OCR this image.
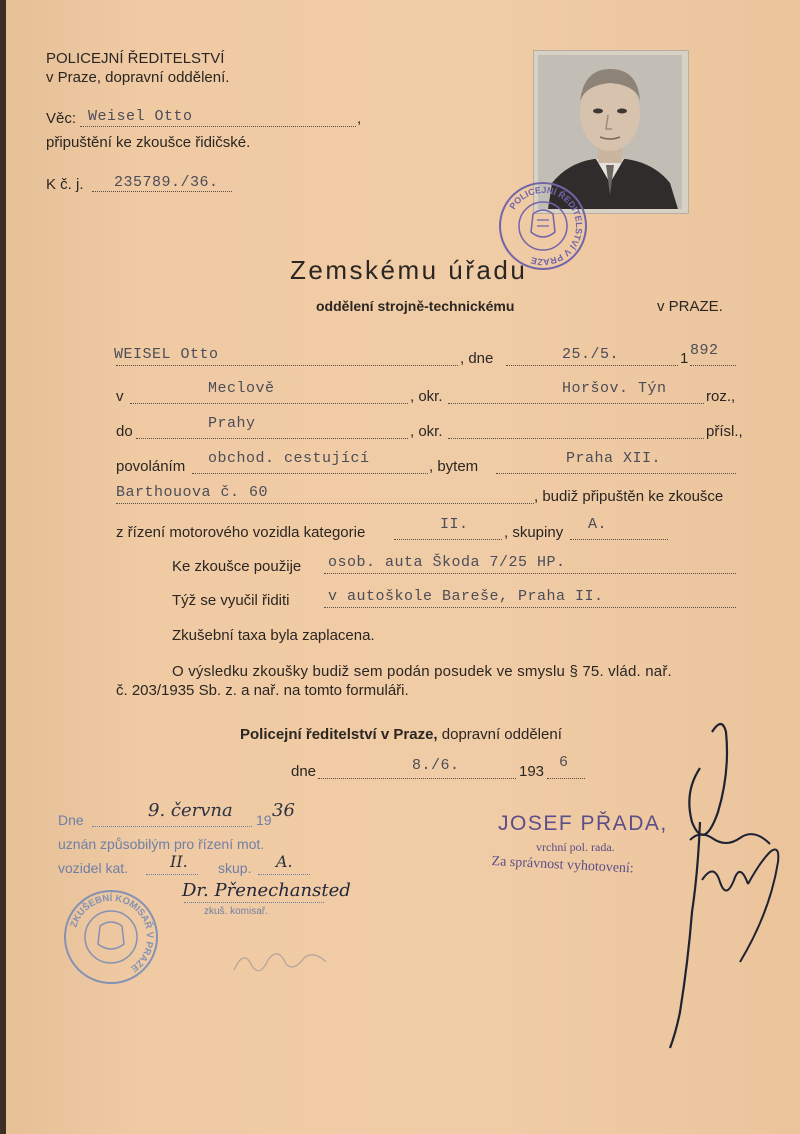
POLICEJNÍ ŘEDITELSTVÍ
v Praze, dopravní oddělení.
Věc: Weisel Otto	,
připuštění ke zkoušce řidičské.
K č. j. 235789./36.
POLICEJNÍ ŘEDITELSTVÍ V PRAZE
Zemskému úřadu
oddělení strojně-technickému	v PRAZE.
WEISEL Otto	, dne	25./5.	1 892
v	Meclově	, okr.	Horšov. Týn	roz.,
do	Prahy	, okr.	přísl.,
povoláním obchod. cestující	, bytem	Praha XII.
Barthouova č. 60	, budiž připuštěn ke zkoušce
z řízení motorového vozidla kategorie	II. , skupiny A.
Ke zkoušce použije osob. auta Škoda 7/25 HP.
Týž se vyučil řiditi	v autoškole Bareše, Praha II.
Zkušební taxa byla zaplacena.
O výsledku zkoušky budiž sem podán posudek ve smyslu § 75. vlád. nař.
č. 203/1935 Sb. z. a nař. na tomto formuláři.
Policejní ředitelství v Praze, dopravní oddělení
dne	8./6.	193
6
Dne	9. června 19 36
uznán způsobilým pro řízení mot.
vozidel kat.	II. skup. A.
Dr. Přenechansted
zkuš. komisař.
ZKUŠEBNÍ KOMISAŘ V PRAZE
JOSEF PŘADA,
vrchní pol. rada.
Za správnost vyhotovení:
